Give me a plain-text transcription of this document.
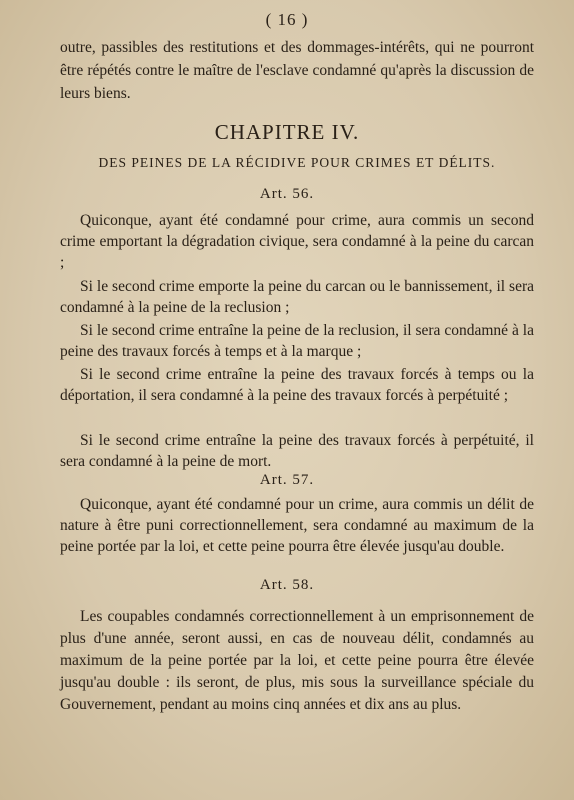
( 16 )
outre, passibles des restitutions et des dommages-intérêts, qui ne pourront être répétés contre le maître de l'esclave condamné qu'après la discussion de leurs biens.
CHAPITRE IV.
DES PEINES DE LA RÉCIDIVE POUR CRIMES ET DÉLITS.
Art. 56.
Quiconque, ayant été condamné pour crime, aura commis un second crime emportant la dégradation civique, sera condamné à la peine du carcan ;
Si le second crime emporte la peine du carcan ou le bannissement, il sera condamné à la peine de la reclusion ;
Si le second crime entraîne la peine de la reclusion, il sera condamné à la peine des travaux forcés à temps et à la marque ;
Si le second crime entraîne la peine des travaux forcés à temps ou la déportation, il sera condamné à la peine des travaux forcés à perpétuité ;
Si le second crime entraîne la peine des travaux forcés à perpétuité, il sera condamné à la peine de mort.
Art. 57.
Quiconque, ayant été condamné pour un crime, aura commis un délit de nature à être puni correctionnellement, sera condamné au maximum de la peine portée par la loi, et cette peine pourra être élevée jusqu'au double.
Art. 58.
Les coupables condamnés correctionnellement à un emprisonnement de plus d'une année, seront aussi, en cas de nouveau délit, condamnés au maximum de la peine portée par la loi, et cette peine pourra être élevée jusqu'au double : ils seront, de plus, mis sous la surveillance spéciale du Gouvernement, pendant au moins cinq années et dix ans au plus.
